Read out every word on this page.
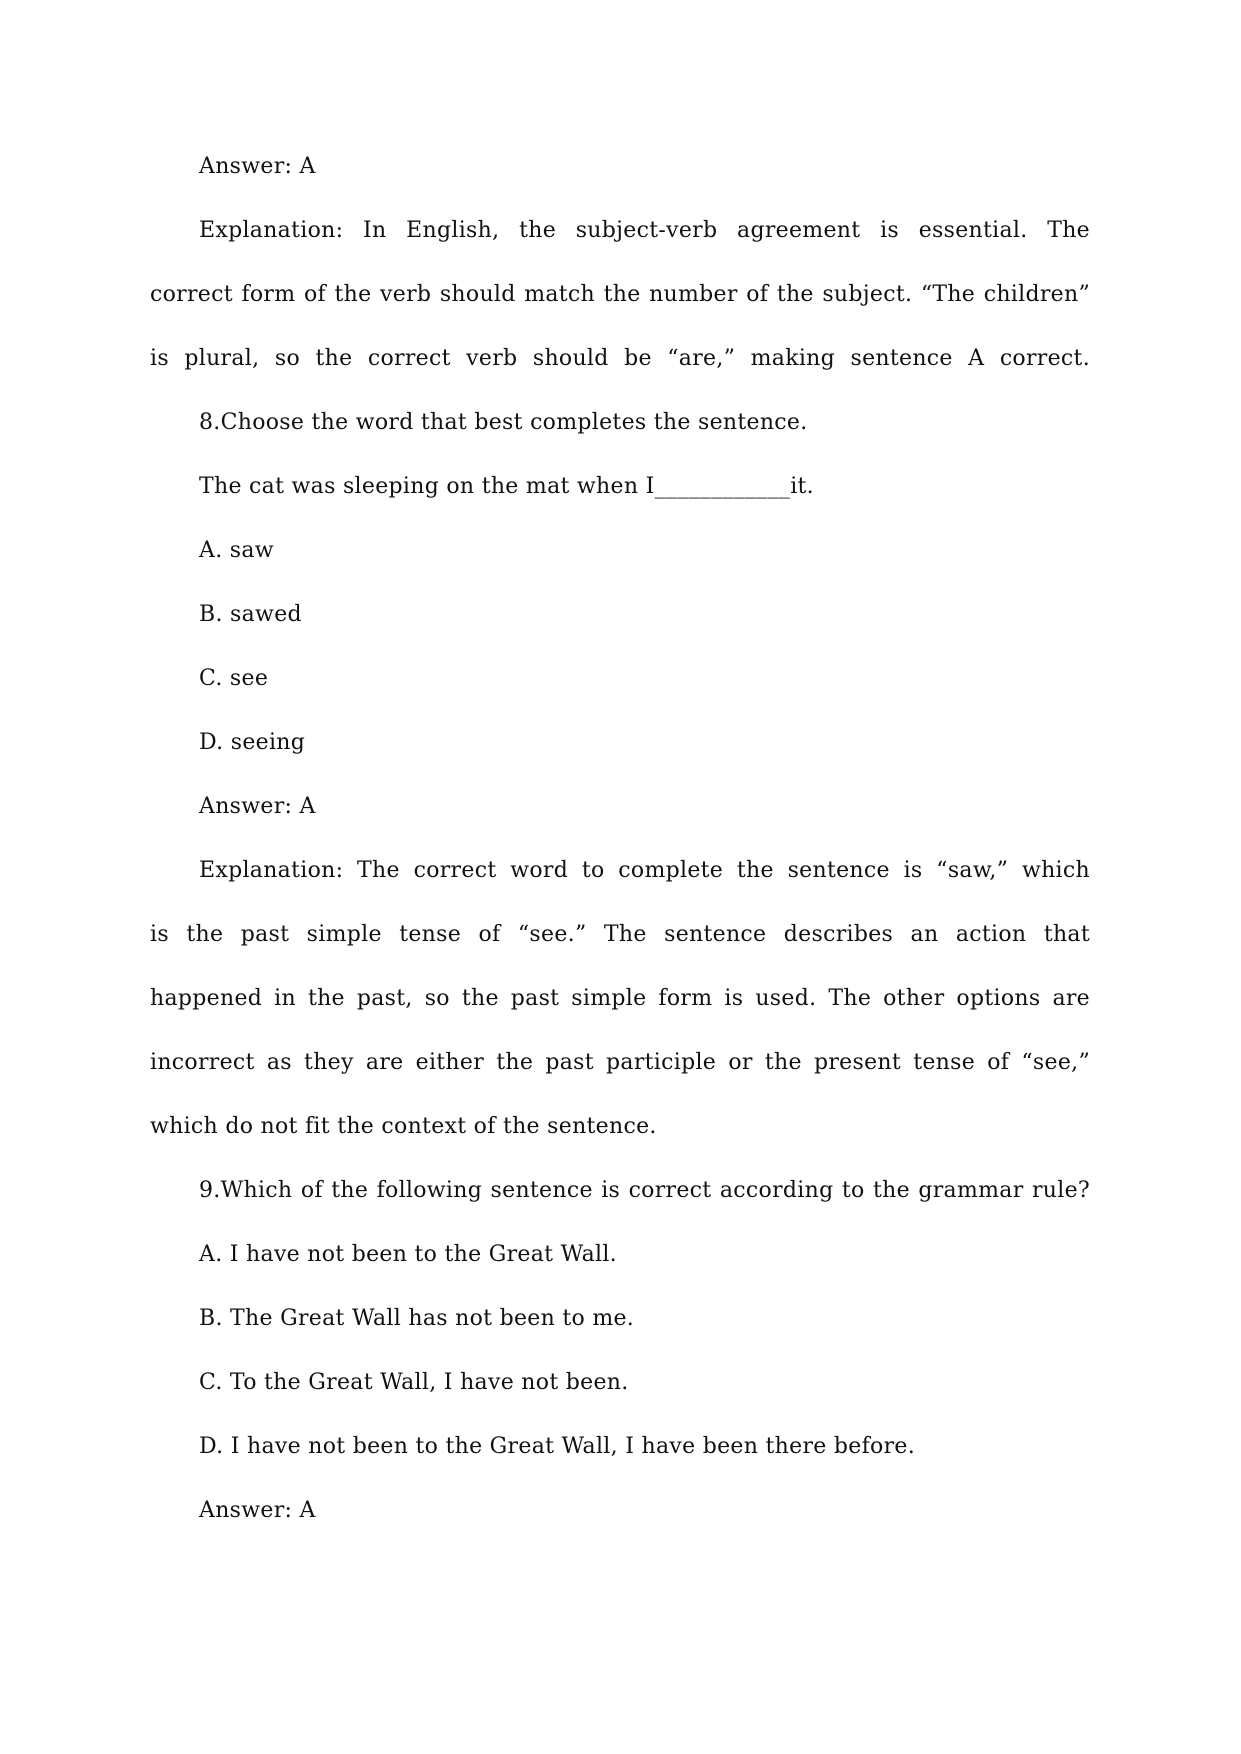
Answer: A
Explanation: In English, the subject-verb agreement is essential. The
correct form of the verb should match the number of the subject. “The children”
is plural, so the correct verb should be “are,” making sentence A correct.
8.Choose the word that best completes the sentence.
The cat was sleeping on the mat when I____________it.
A. saw
B. sawed
C. see
D. seeing
Answer: A
Explanation: The correct word to complete the sentence is “saw,” which
is the past simple tense of “see.” The sentence describes an action that
happened in the past, so the past simple form is used. The other options are
incorrect as they are either the past participle or the present tense of “see,”
which do not fit the context of the sentence.
9.Which of the following sentence is correct according to the grammar rule?
A. I have not been to the Great Wall.
B. The Great Wall has not been to me.
C. To the Great Wall, I have not been.
D. I have not been to the Great Wall, I have been there before.
Answer: A
